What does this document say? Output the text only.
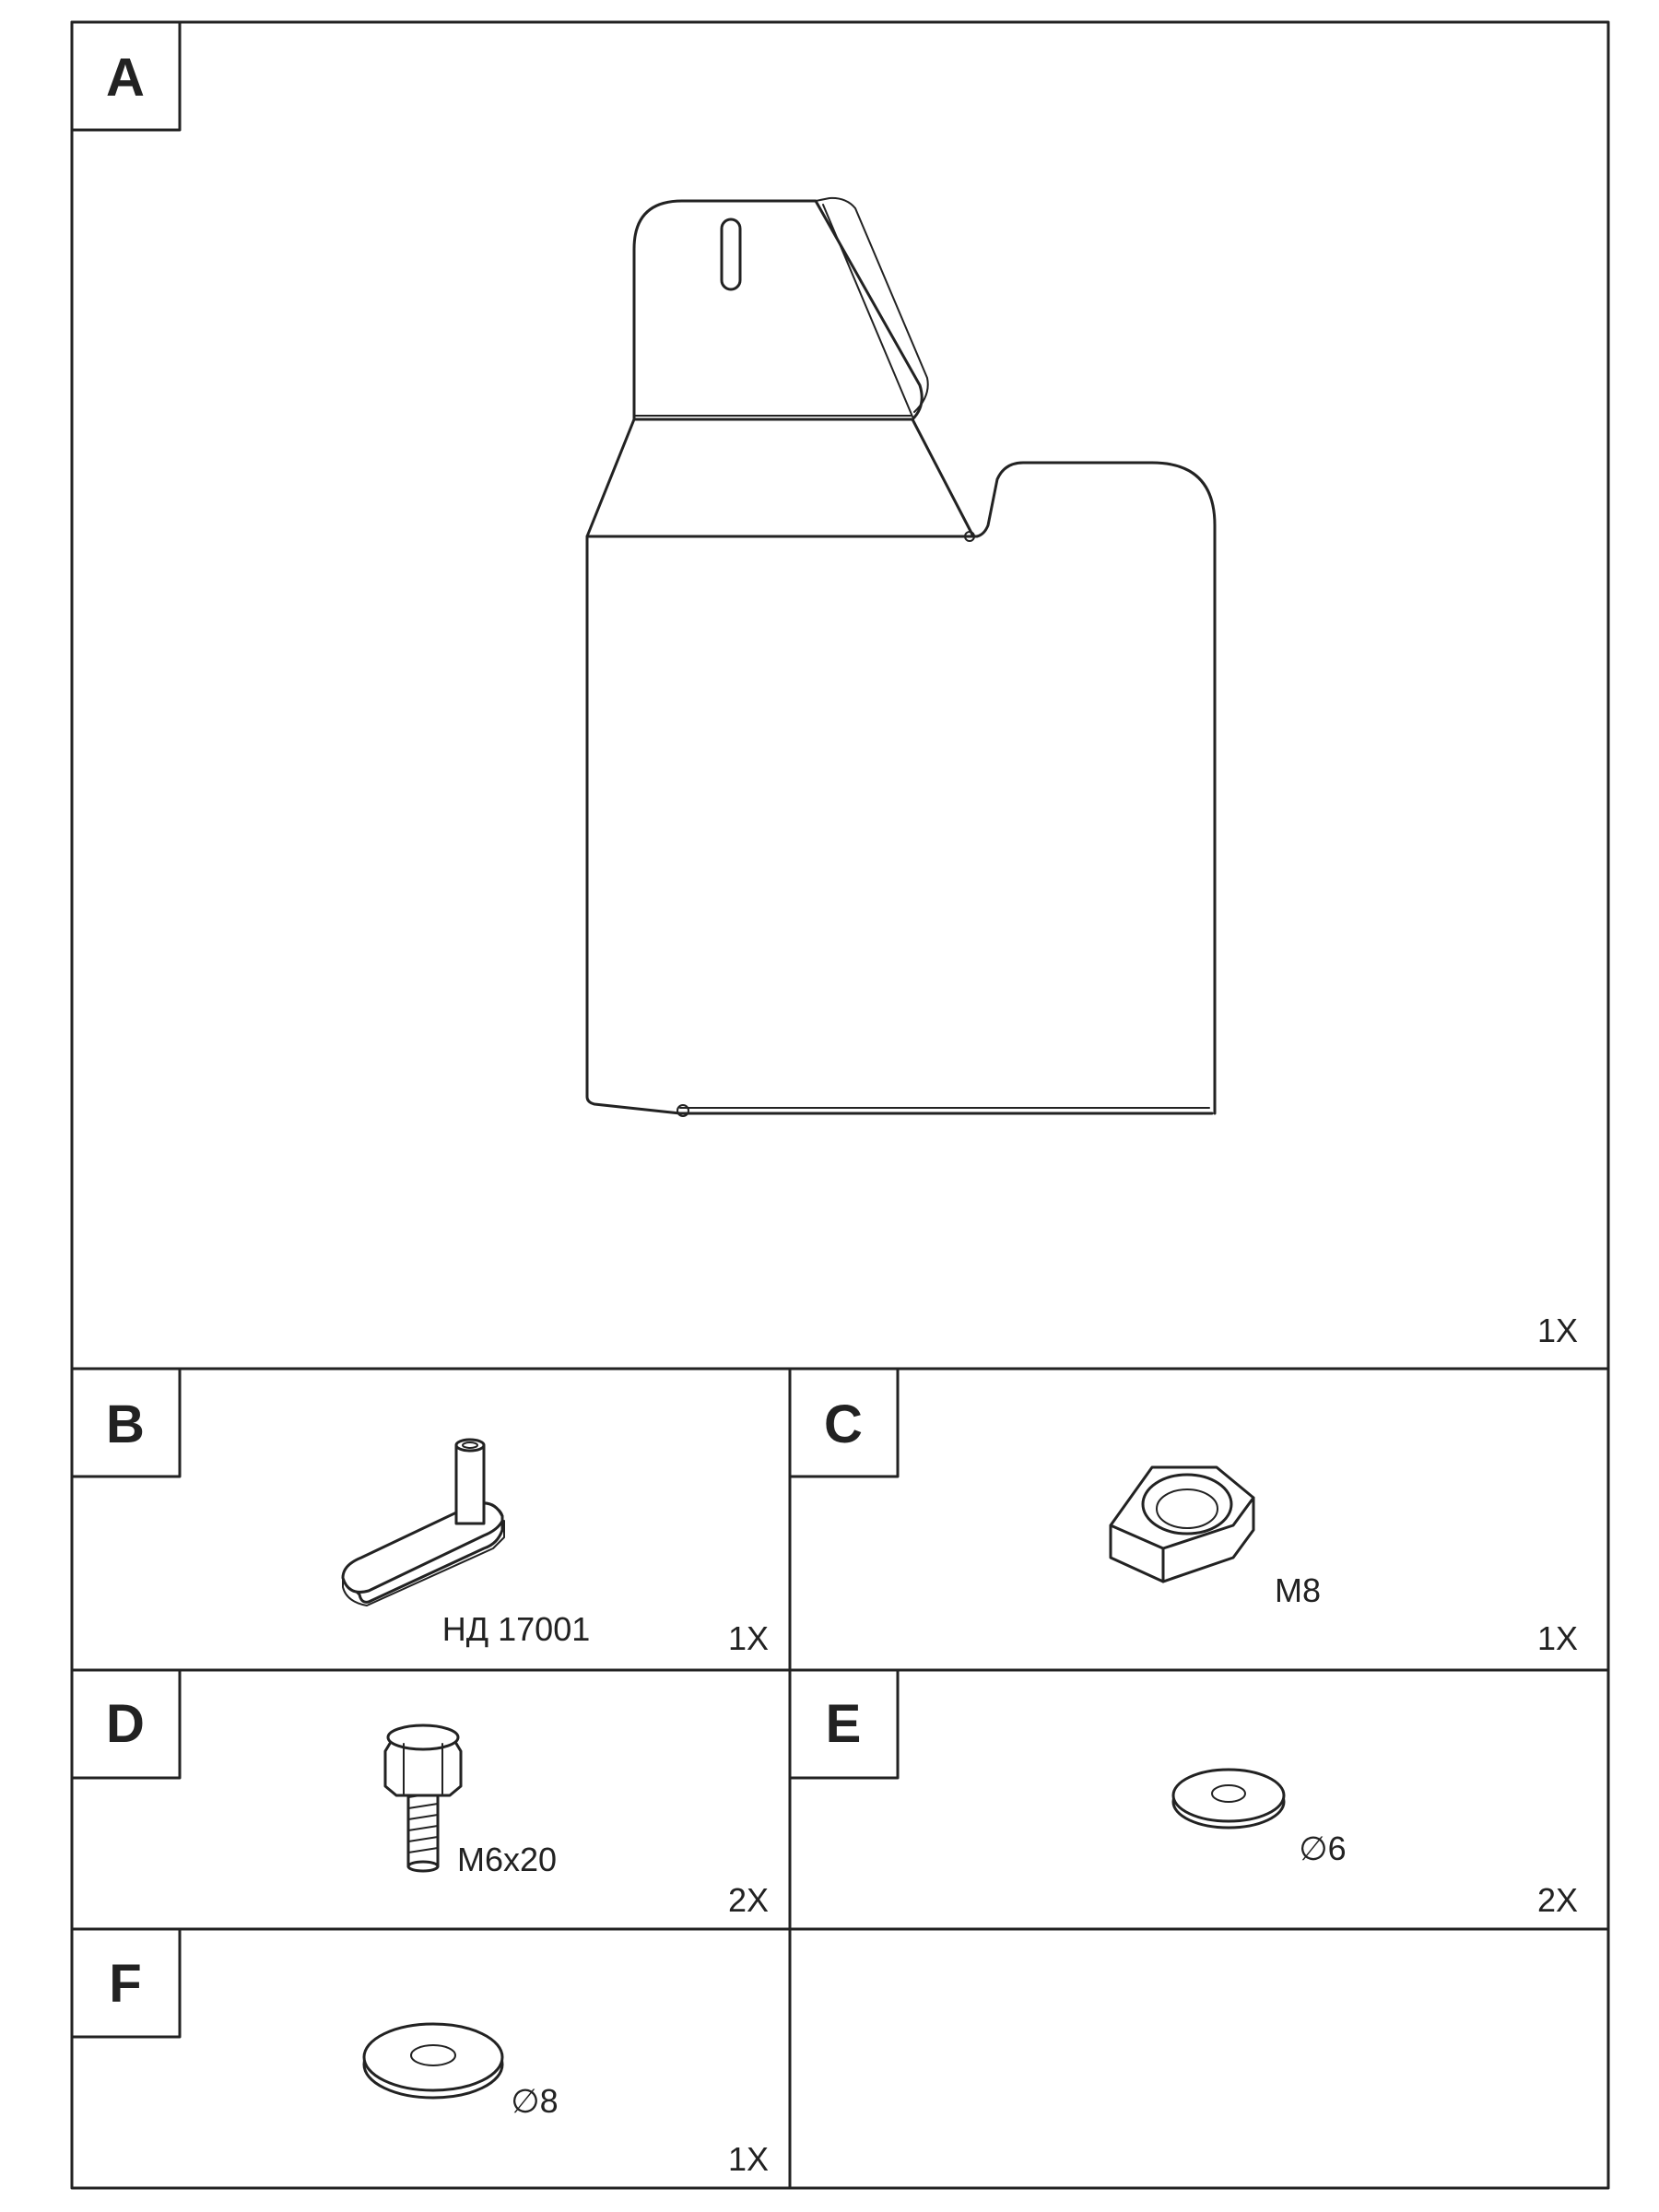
A
1X
B
НД 17001	1X
C
M8
1X
D
M6x20
2X
E
∅6
2X
F
∅8
1X
